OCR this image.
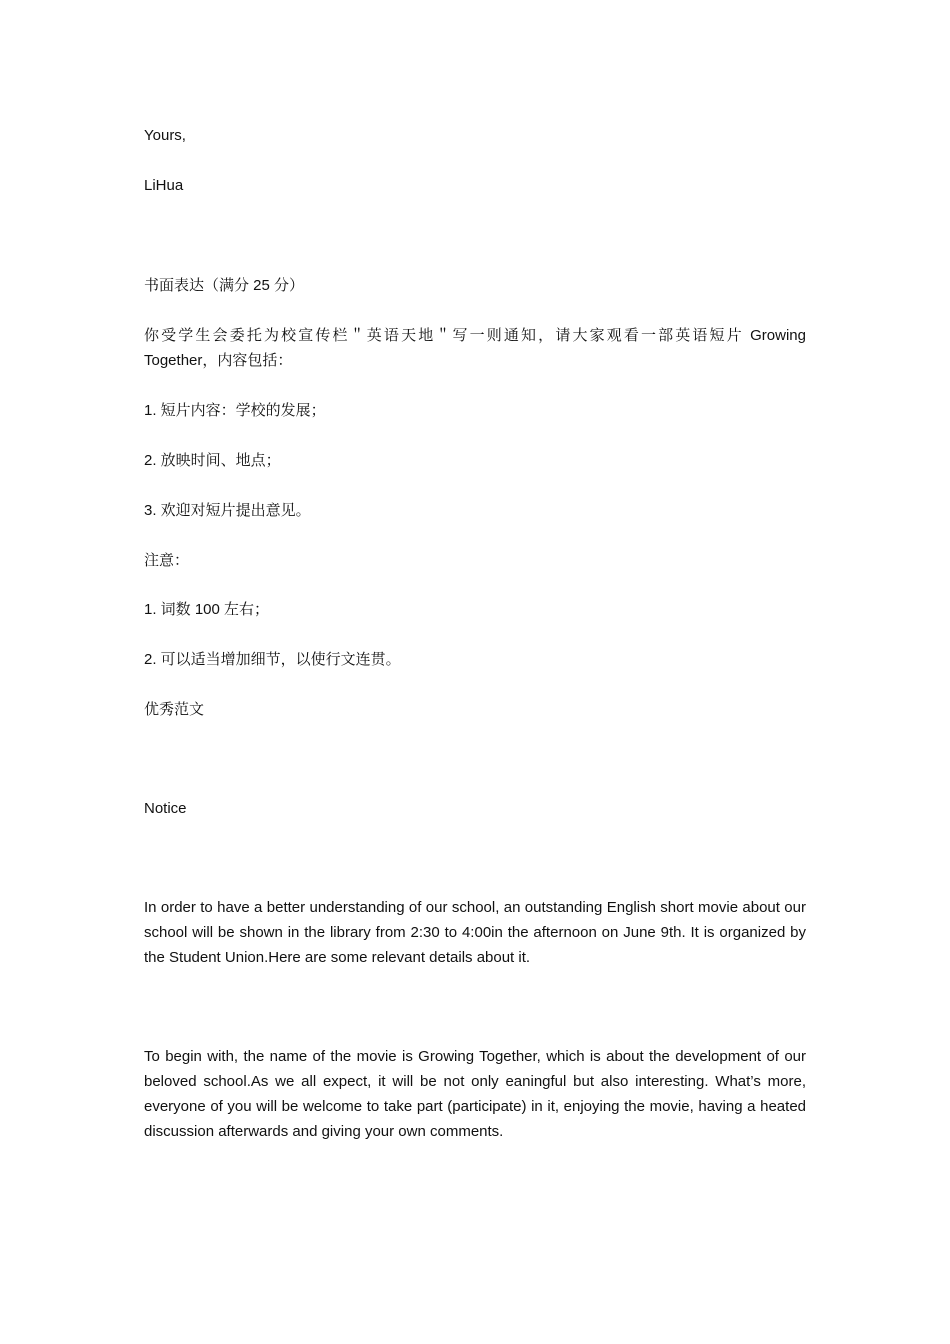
Yours,
LiHua
书面表达（满分 25 分）
你受学生会委托为校宣传栏＂英语天地＂写一则通知，请大家观看一部英语短片 Growing Together，内容包括：
1. 短片内容：学校的发展；
2. 放映时间、地点；
3. 欢迎对短片提出意见。
注意：
1. 词数 100 左右；
2. 可以适当增加细节，以使行文连贯。
优秀范文
Notice
In order to have a better understanding of our school, an outstanding English short movie about our school will be shown in the library from 2:30 to 4:00in the afternoon on June 9th. It is organized by the Student Union.Here are some relevant details about it.
To begin with, the name of the movie is Growing Together, which is about the development of our beloved school.As we all expect, it will be not only eaningful but also interesting. What’s more, everyone of you will be welcome to take part (participate) in it, enjoying the movie, having a heated discussion afterwards and giving your own comments.
